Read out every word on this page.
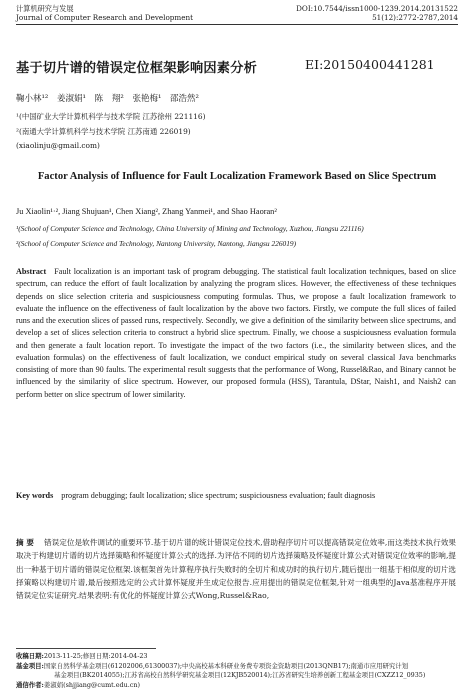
计算机研究与发展
Journal of Computer Research and Development
DOI:10.7544/issn1000-1239.2014.20131522
51(12):2772-2787,2014
基于切片谱的错误定位框架影响因素分析	EI:20150400441281
鞠小林¹² 姜淑娟¹ 陈 翔² 张艳梅¹ 邵浩然²
¹(中国矿业大学计算机科学与技术学院 江苏徐州 221116)
²(南通大学计算机科学与技术学院 江苏南通 226019)
(xiaolinju@gmail.com)
Factor Analysis of Influence for Fault Localization Framework Based on Slice Spectrum
Ju Xiaolin¹·², Jiang Shujuan¹, Chen Xiang², Zhang Yanmei¹, and Shao Haoran²
¹(School of Computer Science and Technology, China University of Mining and Technology, Xuzhou, Jiangsu 221116)
²(School of Computer Science and Technology, Nantong University, Nantong, Jiangsu 226019)
Abstract Fault localization is an important task of program debugging. The statistical fault localization techniques, based on slice spectrum, can reduce the effort of fault localization by analyzing the program slices. However, the effectiveness of these techniques depends on slice selection criteria and suspiciousness computing formulas. Thus, we propose a fault localization framework to evaluate the influence on the effectiveness of fault localization by the above two factors. Firstly, we compute the full slices of failed runs and the execution slices of passed runs, respectively. Secondly, we give a definition of the similarity between slice spectrums, and develop a set of slices selection criteria to construct a hybrid slice spectrum. Finally, we choose a suspiciousness evaluation formula and then generate a fault location report. To investigate the impact of the two factors (i.e., the similarity between slices, and the evaluation formulas) on the effectiveness of fault localization, we conduct empirical study on several classical Java benchmarks consisting of more than 90 faults. The experimental result suggests that the performance of Wong, Russel&Rao, and Binary cannot be influenced by the similarity of slice spectrum. However, our proposed formula (HSS), Tarantula, DStar, Naish1, and Naish2 can perform better on slice spectrum of lower similarity.
Key words program debugging; fault localization; slice spectrum; suspiciousness evaluation; fault diagnosis
摘 要 错误定位是软件调试的重要环节.基于切片谱的统计错误定位技术,借助程序切片可以提高错误定位效率,而这类技术执行效果取决于构建切片谱的切片选择策略和怀疑度计算公式的选择.为评估不同的切片选择策略及怀疑度计算公式对错误定位效率的影响,提出一种基于切片谱的错误定位框架.该框架首先计算程序执行失败时的全切片和成功时的执行切片,随后提出一组基于相似度的切片选择策略以构建切片谱,最后按照选定的公式计算怀疑度并生成定位报告.应用提出的错误定位框架,针对一组典型的Java基准程序开展错误定位实证研究.结果表明:有优化的怀疑度计算公式Wong,Russel&Rao,
收稿日期:2013-11-25;修回日期:2014-04-23
基金项目:国家自然科学基金项目(61202006,61300037);中央高校基本科研业务费专项资金资助项目(2013QNB17);南通市应用研究计划
基金项目(BK2014055);江苏省高校自然科学研究基金项目(12KJB520014);江苏省研究生培养创新工程基金项目(CXZZ12_0935)
通信作者:姜淑娟(shjjiang@cumt.edu.cn)
